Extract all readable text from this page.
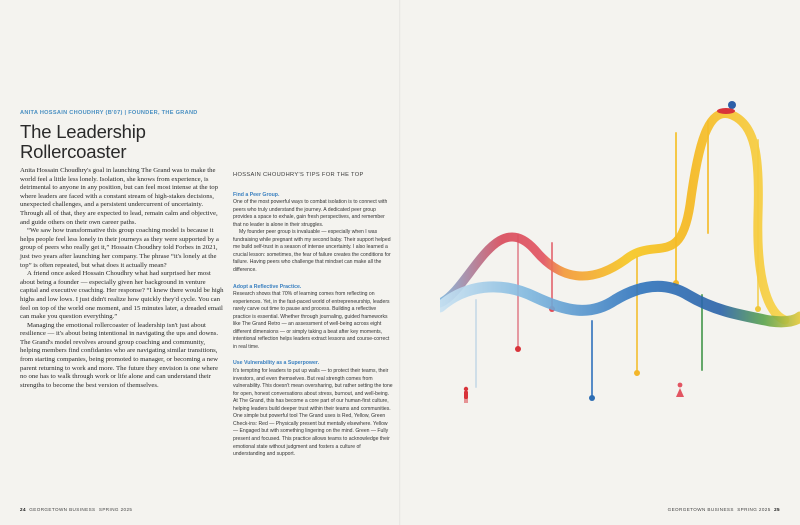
ANITA HOSSAIN CHOUDHRY (B'07) | FOUNDER, THE GRAND
The Leadership
Rollercoaster

Anita Hossain Choudhry's goal in launching The Grand was to make the world feel a little less lonely. Isolation, she knows from experience, is detrimental to anyone in any position, but can feel most intense at the top where leaders are faced with a constant stream of high-stakes decisions, unexpected challenges, and a persistent undercurrent of uncertainty. Through all of that, they are expected to lead, remain calm and objective, and guide others on their own career paths.

“We saw how transformative this group coaching model is because it helps people feel less lonely in their journeys as they were supported by a group of peers who really get it,” Hossain Choudhry told Forbes in 2021, just two years after launching her company. The phrase “it's lonely at the top” is often repeated, but what does it actually mean?

A friend once asked Hossain Choudhry what had surprised her most about being a founder — especially given her background in venture capital and executive coaching. Her response? “I knew there would be high highs and low lows. I just didn't realize how quickly they'd cycle. You can feel on top of the world one moment, and 15 minutes later, a dreaded email can make you question everything.”

Managing the emotional rollercoaster of leadership isn't just about resilience — it's about being intentional in navigating the ups and downs. The Grand's model revolves around group coaching and community, helping members find confidantes who are navigating similar transitions, from starting companies, being promoted to manager, or becoming a new parent returning to work and more. The future they envision is one where no one has to walk through work or life alone and can understand their strengths to become the best version of themselves.

HOSSAIN CHOUDHRY'S TIPS FOR THE TOP
Find a Peer Group.
One of the most powerful ways to combat isolation is to connect with peers who truly understand the journey. A dedicated peer group provides a space to exhale, gain fresh perspectives, and remember that no leader is alone in their struggles.
My founder peer group is invaluable — especially when I was fundraising while pregnant with my second baby. Their support helped me build self-trust in a season of intense uncertainty. I also learned a crucial lesson: sometimes, the fear of failure creates the conditions for failure. Having peers who challenge that mindset can make all the difference.
Adopt a Reflective Practice.
Research shows that 70% of learning comes from reflecting on experiences. Yet, in the fast-paced world of entrepreneurship, leaders rarely carve out time to pause and process. Building a reflective practice is essential. Whether through journaling, guided frameworks like The Grand Retro — an assessment of well-being across eight different dimensions — or simply taking a beat after key moments, intentional reflection helps leaders extract lessons and course-correct in real time.
Use Vulnerability as a Superpower.
It's tempting for leaders to put up walls — to protect their teams, their investors, and even themselves. But real strength comes from vulnerability. This doesn't mean oversharing, but rather setting the tone for open, honest conversations about stress, burnout, and well-being. At The Grand, this has become a core part of our human-first culture, helping leaders build deeper trust within their teams and communities. One simple but powerful tool The Grand uses is Red, Yellow, Green Check-ins: Red — Physically present but mentally elsewhere. Yellow — Engaged but with something lingering on the mind. Green — Fully present and focused. This practice allows teams to acknowledge their emotional state without judgment and fosters a culture of understanding and support.
24 GEORGETOWN BUSINESS SPRING 2025	GEORGETOWN BUSINESS SPRING 2025 25
